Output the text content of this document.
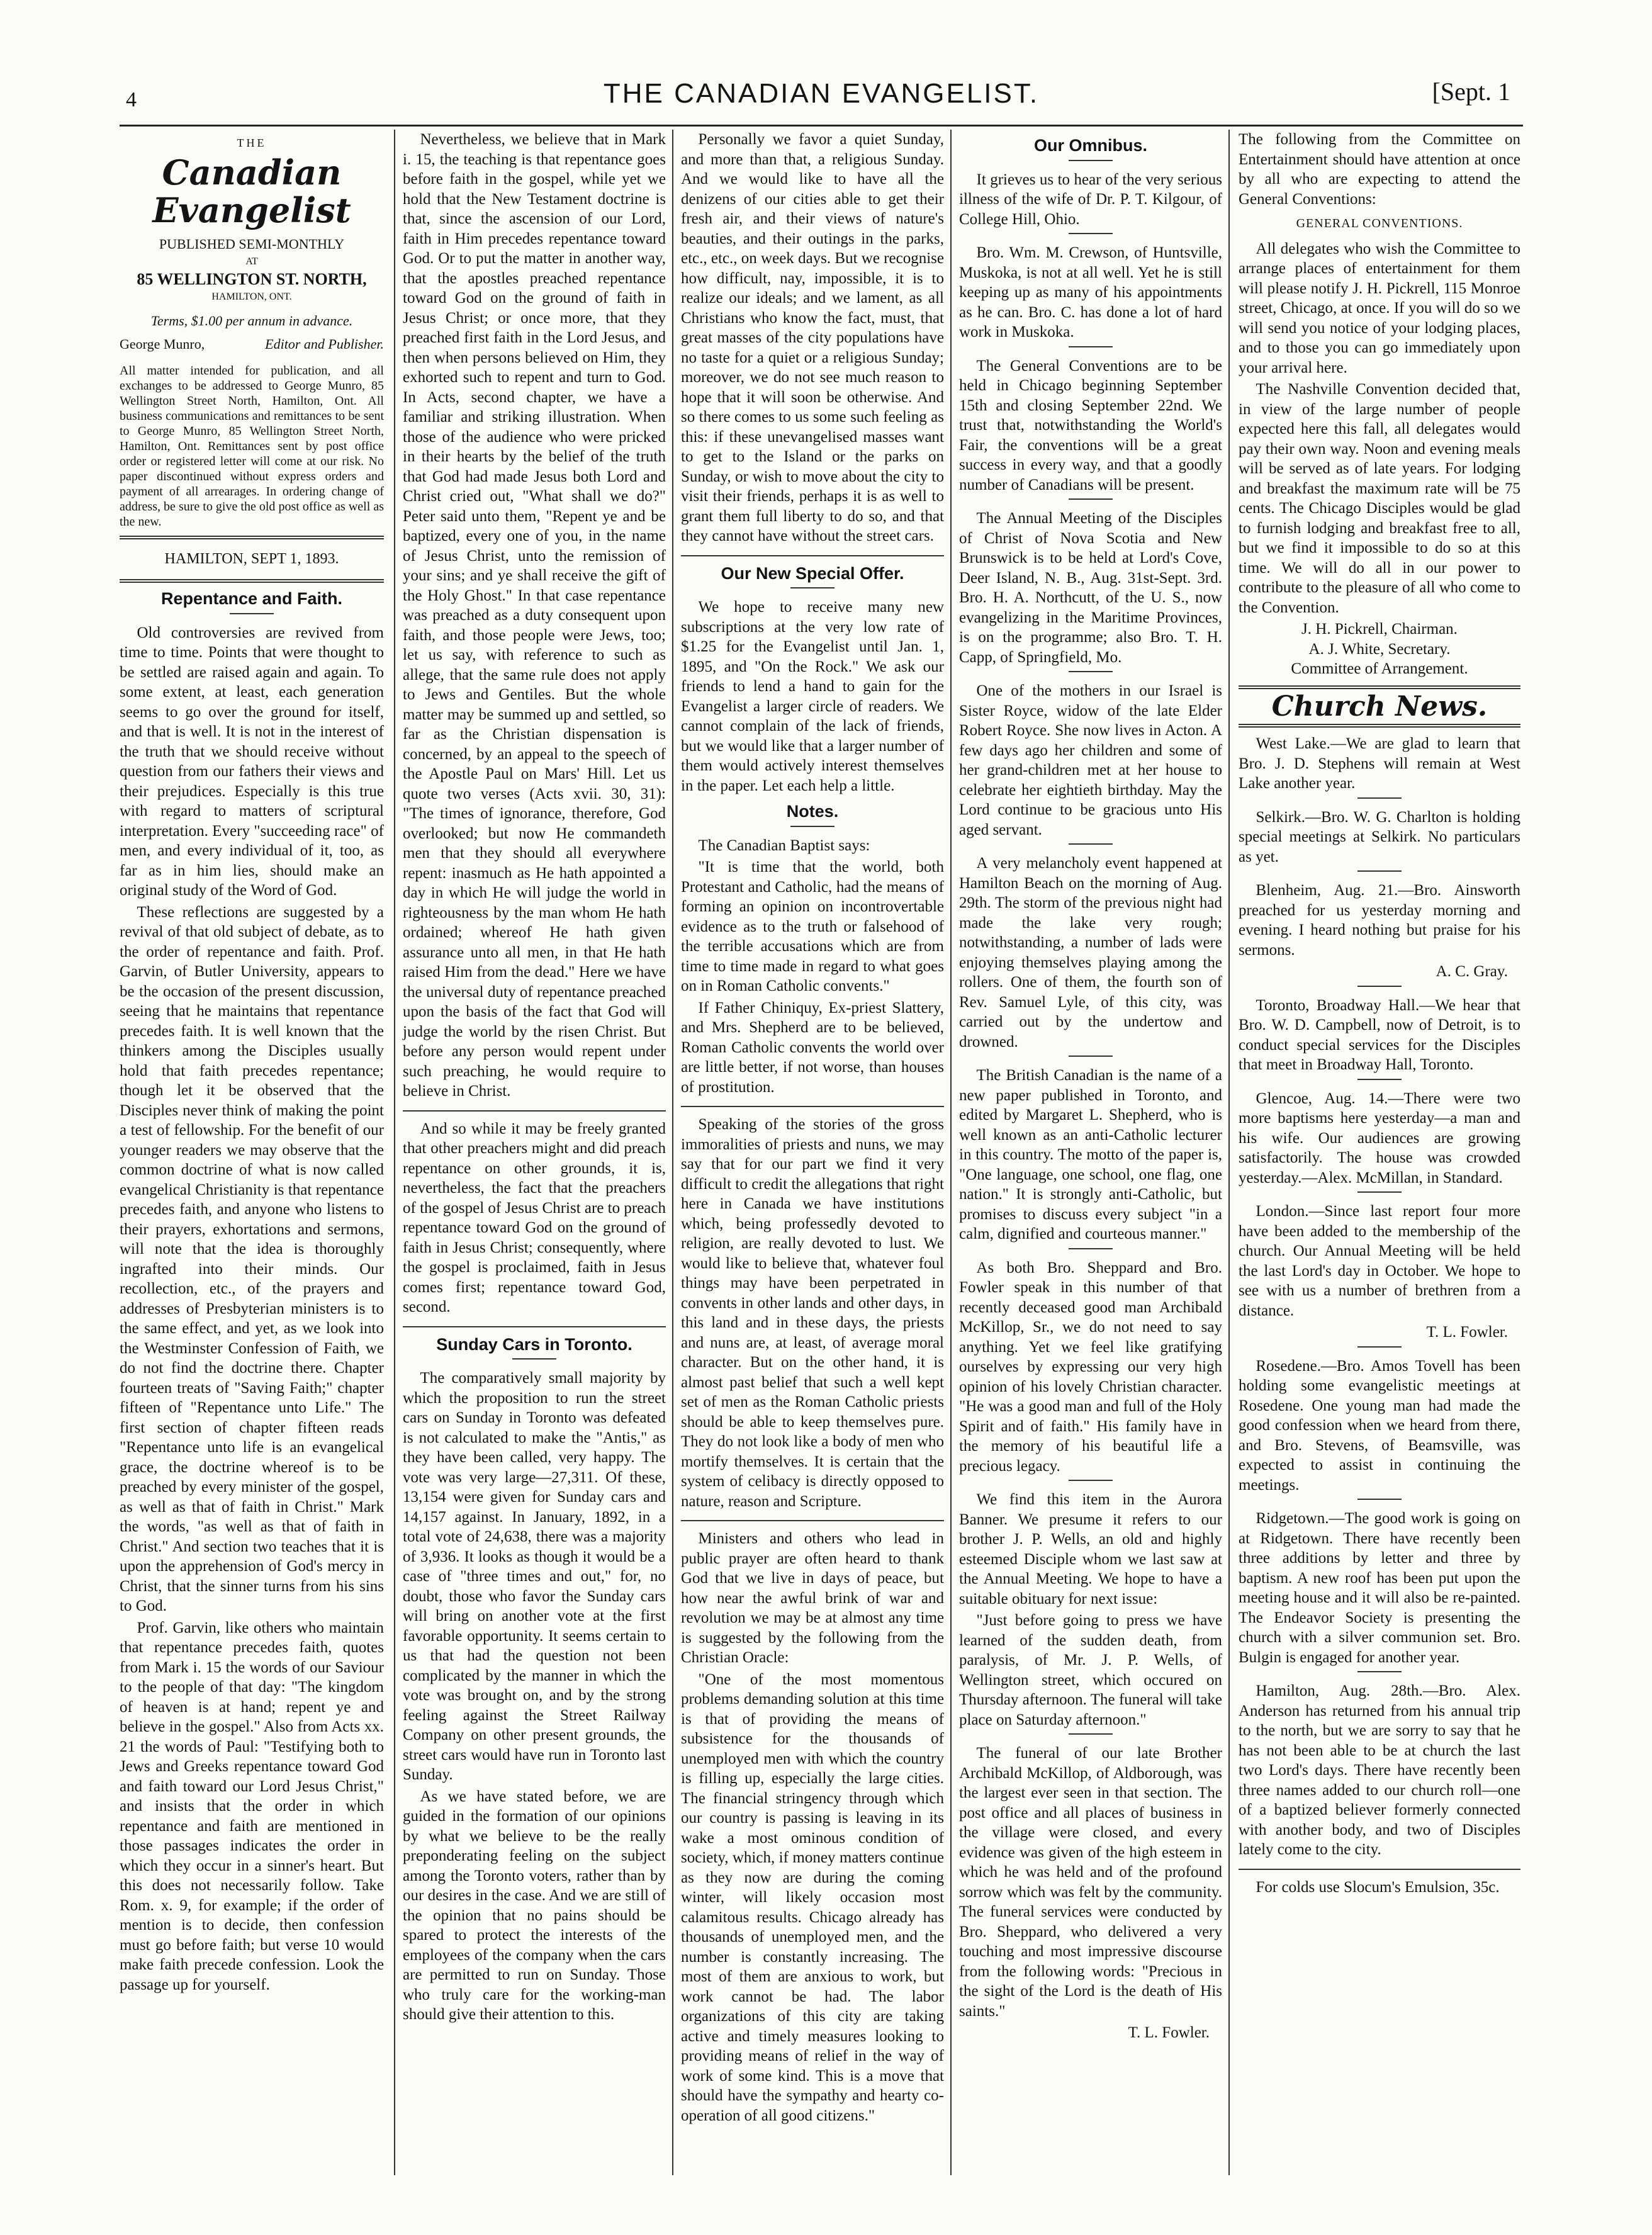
4	THE CANADIAN EVANGELIST.	[Sept. 1
THE
Canadian Evangelist
PUBLISHED SEMI-MONTHLY
AT
85 WELLINGTON ST. NORTH,
HAMILTON, ONT.
Terms, $1.00 per annum in advance.
George Munro,	Editor and Publisher.

All matter intended for publication, and all exchanges to be addressed to George Munro, 85 Wellington Street North, Hamilton, Ont. All business communications and remittances to be sent to George Munro, 85 Wellington Street North, Hamilton, Ont. Remittances sent by post office order or registered letter will come at our risk. No paper discontinued without express orders and payment of all arrearages. In ordering change of address, be sure to give the old post office as well as the new.

HAMILTON, SEPT 1, 1893.
Repentance and Faith.

Old controversies are revived from time to time. Points that were thought to be settled are raised again and again. To some extent, at least, each generation seems to go over the ground for itself, and that is well. It is not in the interest of the truth that we should receive without question from our fathers their views and their prejudices. Especially is this true with regard to matters of scriptural interpretation. Every "succeeding race" of men, and every individual of it, too, as far as in him lies, should make an original study of the Word of God.

These reflections are suggested by a revival of that old subject of debate, as to the order of repentance and faith. Prof. Garvin, of Butler University, appears to be the occasion of the present discussion, seeing that he maintains that repentance precedes faith. It is well known that the thinkers among the Disciples usually hold that faith precedes repentance; though let it be observed that the Disciples never think of making the point a test of fellowship. For the benefit of our younger readers we may observe that the common doctrine of what is now called evangelical Christianity is that repentance precedes faith, and anyone who listens to their prayers, exhortations and sermons, will note that the idea is thoroughly ingrafted into their minds. Our recollection, etc., of the prayers and addresses of Presbyterian ministers is to the same effect, and yet, as we look into the Westminster Confession of Faith, we do not find the doctrine there. Chapter fourteen treats of "Saving Faith;" chapter fifteen of "Repentance unto Life." The first section of chapter fifteen reads "Repentance unto life is an evangelical grace, the doctrine whereof is to be preached by every minister of the gospel, as well as that of faith in Christ." Mark the words, "as well as that of faith in Christ." And section two teaches that it is upon the apprehension of God's mercy in Christ, that the sinner turns from his sins to God.

Prof. Garvin, like others who maintain that repentance precedes faith, quotes from Mark i. 15 the words of our Saviour to the people of that day: "The kingdom of heaven is at hand; repent ye and believe in the gospel." Also from Acts xx. 21 the words of Paul: "Testifying both to Jews and Greeks repentance toward God and faith toward our Lord Jesus Christ," and insists that the order in which repentance and faith are mentioned in those passages indicates the order in which they occur in a sinner's heart. But this does not necessarily follow. Take Rom. x. 9, for example; if the order of mention is to decide, then confession must go before faith; but verse 10 would make faith precede confession. Look the passage up for yourself.

Nevertheless, we believe that in Mark i. 15, the teaching is that repentance goes before faith in the gospel, while yet we hold that the New Testament doctrine is that, since the ascension of our Lord, faith in Him precedes repentance toward God. Or to put the matter in another way, that the apostles preached repentance toward God on the ground of faith in Jesus Christ; or once more, that they preached first faith in the Lord Jesus, and then when persons believed on Him, they exhorted such to repent and turn to God. In Acts, second chapter, we have a familiar and striking illustration. When those of the audience who were pricked in their hearts by the belief of the truth that God had made Jesus both Lord and Christ cried out, "What shall we do?" Peter said unto them, "Repent ye and be baptized, every one of you, in the name of Jesus Christ, unto the remission of your sins; and ye shall receive the gift of the Holy Ghost." In that case repentance was preached as a duty consequent upon faith, and those people were Jews, too; let us say, with reference to such as allege, that the same rule does not apply to Jews and Gentiles. But the whole matter may be summed up and settled, so far as the Christian dispensation is concerned, by an appeal to the speech of the Apostle Paul on Mars' Hill. Let us quote two verses (Acts xvii. 30, 31): "The times of ignorance, therefore, God overlooked; but now He commandeth men that they should all everywhere repent: inasmuch as He hath appointed a day in which He will judge the world in righteousness by the man whom He hath ordained; whereof He hath given assurance unto all men, in that He hath raised Him from the dead." Here we have the universal duty of repentance preached upon the basis of the fact that God will judge the world by the risen Christ. But before any person would repent under such preaching, he would require to believe in Christ.

And so while it may be freely granted that other preachers might and did preach repentance on other grounds, it is, nevertheless, the fact that the preachers of the gospel of Jesus Christ are to preach repentance toward God on the ground of faith in Jesus Christ; consequently, where the gospel is proclaimed, faith in Jesus comes first; repentance toward God, second.

Sunday Cars in Toronto.

The comparatively small majority by which the proposition to run the street cars on Sunday in Toronto was defeated is not calculated to make the "Antis," as they have been called, very happy. The vote was very large—27,311. Of these, 13,154 were given for Sunday cars and 14,157 against. In January, 1892, in a total vote of 24,638, there was a majority of 3,936. It looks as though it would be a case of "three times and out," for, no doubt, those who favor the Sunday cars will bring on another vote at the first favorable opportunity. It seems certain to us that had the question not been complicated by the manner in which the vote was brought on, and by the strong feeling against the Street Railway Company on other present grounds, the street cars would have run in Toronto last Sunday.

As we have stated before, we are guided in the formation of our opinions by what we believe to be the really preponderating feeling on the subject among the Toronto voters, rather than by our desires in the case. And we are still of the opinion that no pains should be spared to protect the interests of the employees of the company when the cars are permitted to run on Sunday. Those who truly care for the working-man should give their attention to this.

Personally we favor a quiet Sunday, and more than that, a religious Sunday. And we would like to have all the denizens of our cities able to get their fresh air, and their views of nature's beauties, and their outings in the parks, etc., etc., on week days. But we recognise how difficult, nay, impossible, it is to realize our ideals; and we lament, as all Christians who know the fact, must, that great masses of the city populations have no taste for a quiet or a religious Sunday; moreover, we do not see much reason to hope that it will soon be otherwise. And so there comes to us some such feeling as this: if these unevangelised masses want to get to the Island or the parks on Sunday, or wish to move about the city to visit their friends, perhaps it is as well to grant them full liberty to do so, and that they cannot have without the street cars.

Our New Special Offer.

We hope to receive many new subscriptions at the very low rate of $1.25 for the Evangelist until Jan. 1, 1895, and "On the Rock." We ask our friends to lend a hand to gain for the Evangelist a larger circle of readers. We cannot complain of the lack of friends, but we would like that a larger number of them would actively interest themselves in the paper. Let each help a little.

Notes.

The Canadian Baptist says:

"It is time that the world, both Protestant and Catholic, had the means of forming an opinion on incontrovertable evidence as to the truth or falsehood of the terrible accusations which are from time to time made in regard to what goes on in Roman Catholic convents."

If Father Chiniquy, Ex-priest Slattery, and Mrs. Shepherd are to be believed, Roman Catholic convents the world over are little better, if not worse, than houses of prostitution.

Speaking of the stories of the gross immoralities of priests and nuns, we may say that for our part we find it very difficult to credit the allegations that right here in Canada we have institutions which, being professedly devoted to religion, are really devoted to lust. We would like to believe that, whatever foul things may have been perpetrated in convents in other lands and other days, in this land and in these days, the priests and nuns are, at least, of average moral character. But on the other hand, it is almost past belief that such a well kept set of men as the Roman Catholic priests should be able to keep themselves pure. They do not look like a body of men who mortify themselves. It is certain that the system of celibacy is directly opposed to nature, reason and Scripture.

Ministers and others who lead in public prayer are often heard to thank God that we live in days of peace, but how near the awful brink of war and revolution we may be at almost any time is suggested by the following from the Christian Oracle:

"One of the most momentous problems demanding solution at this time is that of providing the means of subsistence for the thousands of unemployed men with which the country is filling up, especially the large cities. The financial stringency through which our country is passing is leaving in its wake a most ominous condition of society, which, if money matters continue as they now are during the coming winter, will likely occasion most calamitous results. Chicago already has thousands of unemployed men, and the number is constantly increasing. The most of them are anxious to work, but work cannot be had. The labor organizations of this city are taking active and timely measures looking to providing means of relief in the way of work of some kind. This is a move that should have the sympathy and hearty co-operation of all good citizens."

Our Omnibus.

It grieves us to hear of the very serious illness of the wife of Dr. P. T. Kilgour, of College Hill, Ohio.

Bro. Wm. M. Crewson, of Huntsville, Muskoka, is not at all well. Yet he is still keeping up as many of his appointments as he can. Bro. C. has done a lot of hard work in Muskoka.

The General Conventions are to be held in Chicago beginning September 15th and closing September 22nd. We trust that, notwithstanding the World's Fair, the conventions will be a great success in every way, and that a goodly number of Canadians will be present.

The Annual Meeting of the Disciples of Christ of Nova Scotia and New Brunswick is to be held at Lord's Cove, Deer Island, N. B., Aug. 31st-Sept. 3rd. Bro. H. A. Northcutt, of the U. S., now evangelizing in the Maritime Provinces, is on the programme; also Bro. T. H. Capp, of Springfield, Mo.

One of the mothers in our Israel is Sister Royce, widow of the late Elder Robert Royce. She now lives in Acton. A few days ago her children and some of her grand-children met at her house to celebrate her eightieth birthday. May the Lord continue to be gracious unto His aged servant.

A very melancholy event happened at Hamilton Beach on the morning of Aug. 29th. The storm of the previous night had made the lake very rough; notwithstanding, a number of lads were enjoying themselves playing among the rollers. One of them, the fourth son of Rev. Samuel Lyle, of this city, was carried out by the undertow and drowned.

The British Canadian is the name of a new paper published in Toronto, and edited by Margaret L. Shepherd, who is well known as an anti-Catholic lecturer in this country. The motto of the paper is, "One language, one school, one flag, one nation." It is strongly anti-Catholic, but promises to discuss every subject "in a calm, dignified and courteous manner."

As both Bro. Sheppard and Bro. Fowler speak in this number of that recently deceased good man Archibald McKillop, Sr., we do not need to say anything. Yet we feel like gratifying ourselves by expressing our very high opinion of his lovely Christian character. "He was a good man and full of the Holy Spirit and of faith." His family have in the memory of his beautiful life a precious legacy.

We find this item in the Aurora Banner. We presume it refers to our brother J. P. Wells, an old and highly esteemed Disciple whom we last saw at the Annual Meeting. We hope to have a suitable obituary for next issue:

"Just before going to press we have learned of the sudden death, from paralysis, of Mr. J. P. Wells, of Wellington street, which occured on Thursday afternoon. The funeral will take place on Saturday afternoon."

The funeral of our late Brother Archibald McKillop, of Aldborough, was the largest ever seen in that section. The post office and all places of business in the village were closed, and every evidence was given of the high esteem in which he was held and of the profound sorrow which was felt by the community. The funeral services were conducted by Bro. Sheppard, who delivered a very touching and most impressive discourse from the following words: "Precious in the sight of the Lord is the death of His saints."

T. L. Fowler.

The following from the Committee on Entertainment should have attention at once by all who are expecting to attend the General Conventions:

GENERAL CONVENTIONS.

All delegates who wish the Committee to arrange places of entertainment for them will please notify J. H. Pickrell, 115 Monroe street, Chicago, at once. If you will do so we will send you notice of your lodging places, and to those you can go immediately upon your arrival here.

The Nashville Convention decided that, in view of the large number of people expected here this fall, all delegates would pay their own way. Noon and evening meals will be served as of late years. For lodging and breakfast the maximum rate will be 75 cents. The Chicago Disciples would be glad to furnish lodging and breakfast free to all, but we find it impossible to do so at this time. We will do all in our power to contribute to the pleasure of all who come to the Convention.

J. H. Pickrell, Chairman.
A. J. White, Secretary.
Committee of Arrangement.
Church News.

West Lake.—We are glad to learn that Bro. J. D. Stephens will remain at West Lake another year.

Selkirk.—Bro. W. G. Charlton is holding special meetings at Selkirk. No particulars as yet.

Blenheim, Aug. 21.—Bro. Ainsworth preached for us yesterday morning and evening. I heard nothing but praise for his sermons.

A. C. Gray.

Toronto, Broadway Hall.—We hear that Bro. W. D. Campbell, now of Detroit, is to conduct special services for the Disciples that meet in Broadway Hall, Toronto.

Glencoe, Aug. 14.—There were two more baptisms here yesterday—a man and his wife. Our audiences are growing satisfactorily. The house was crowded yesterday.—Alex. McMillan, in Standard.

London.—Since last report four more have been added to the membership of the church. Our Annual Meeting will be held the last Lord's day in October. We hope to see with us a number of brethren from a distance.

T. L. Fowler.

Rosedene.—Bro. Amos Tovell has been holding some evangelistic meetings at Rosedene. One young man had made the good confession when we heard from there, and Bro. Stevens, of Beamsville, was expected to assist in continuing the meetings.

Ridgetown.—The good work is going on at Ridgetown. There have recently been three additions by letter and three by baptism. A new roof has been put upon the meeting house and it will also be re-painted. The Endeavor Society is presenting the church with a silver communion set. Bro. Bulgin is engaged for another year.

Hamilton, Aug. 28th.—Bro. Alex. Anderson has returned from his annual trip to the north, but we are sorry to say that he has not been able to be at church the last two Lord's days. There have recently been three names added to our church roll—one of a baptized believer formerly connected with another body, and two of Disciples lately come to the city.

For colds use Slocum's Emulsion, 35c.
